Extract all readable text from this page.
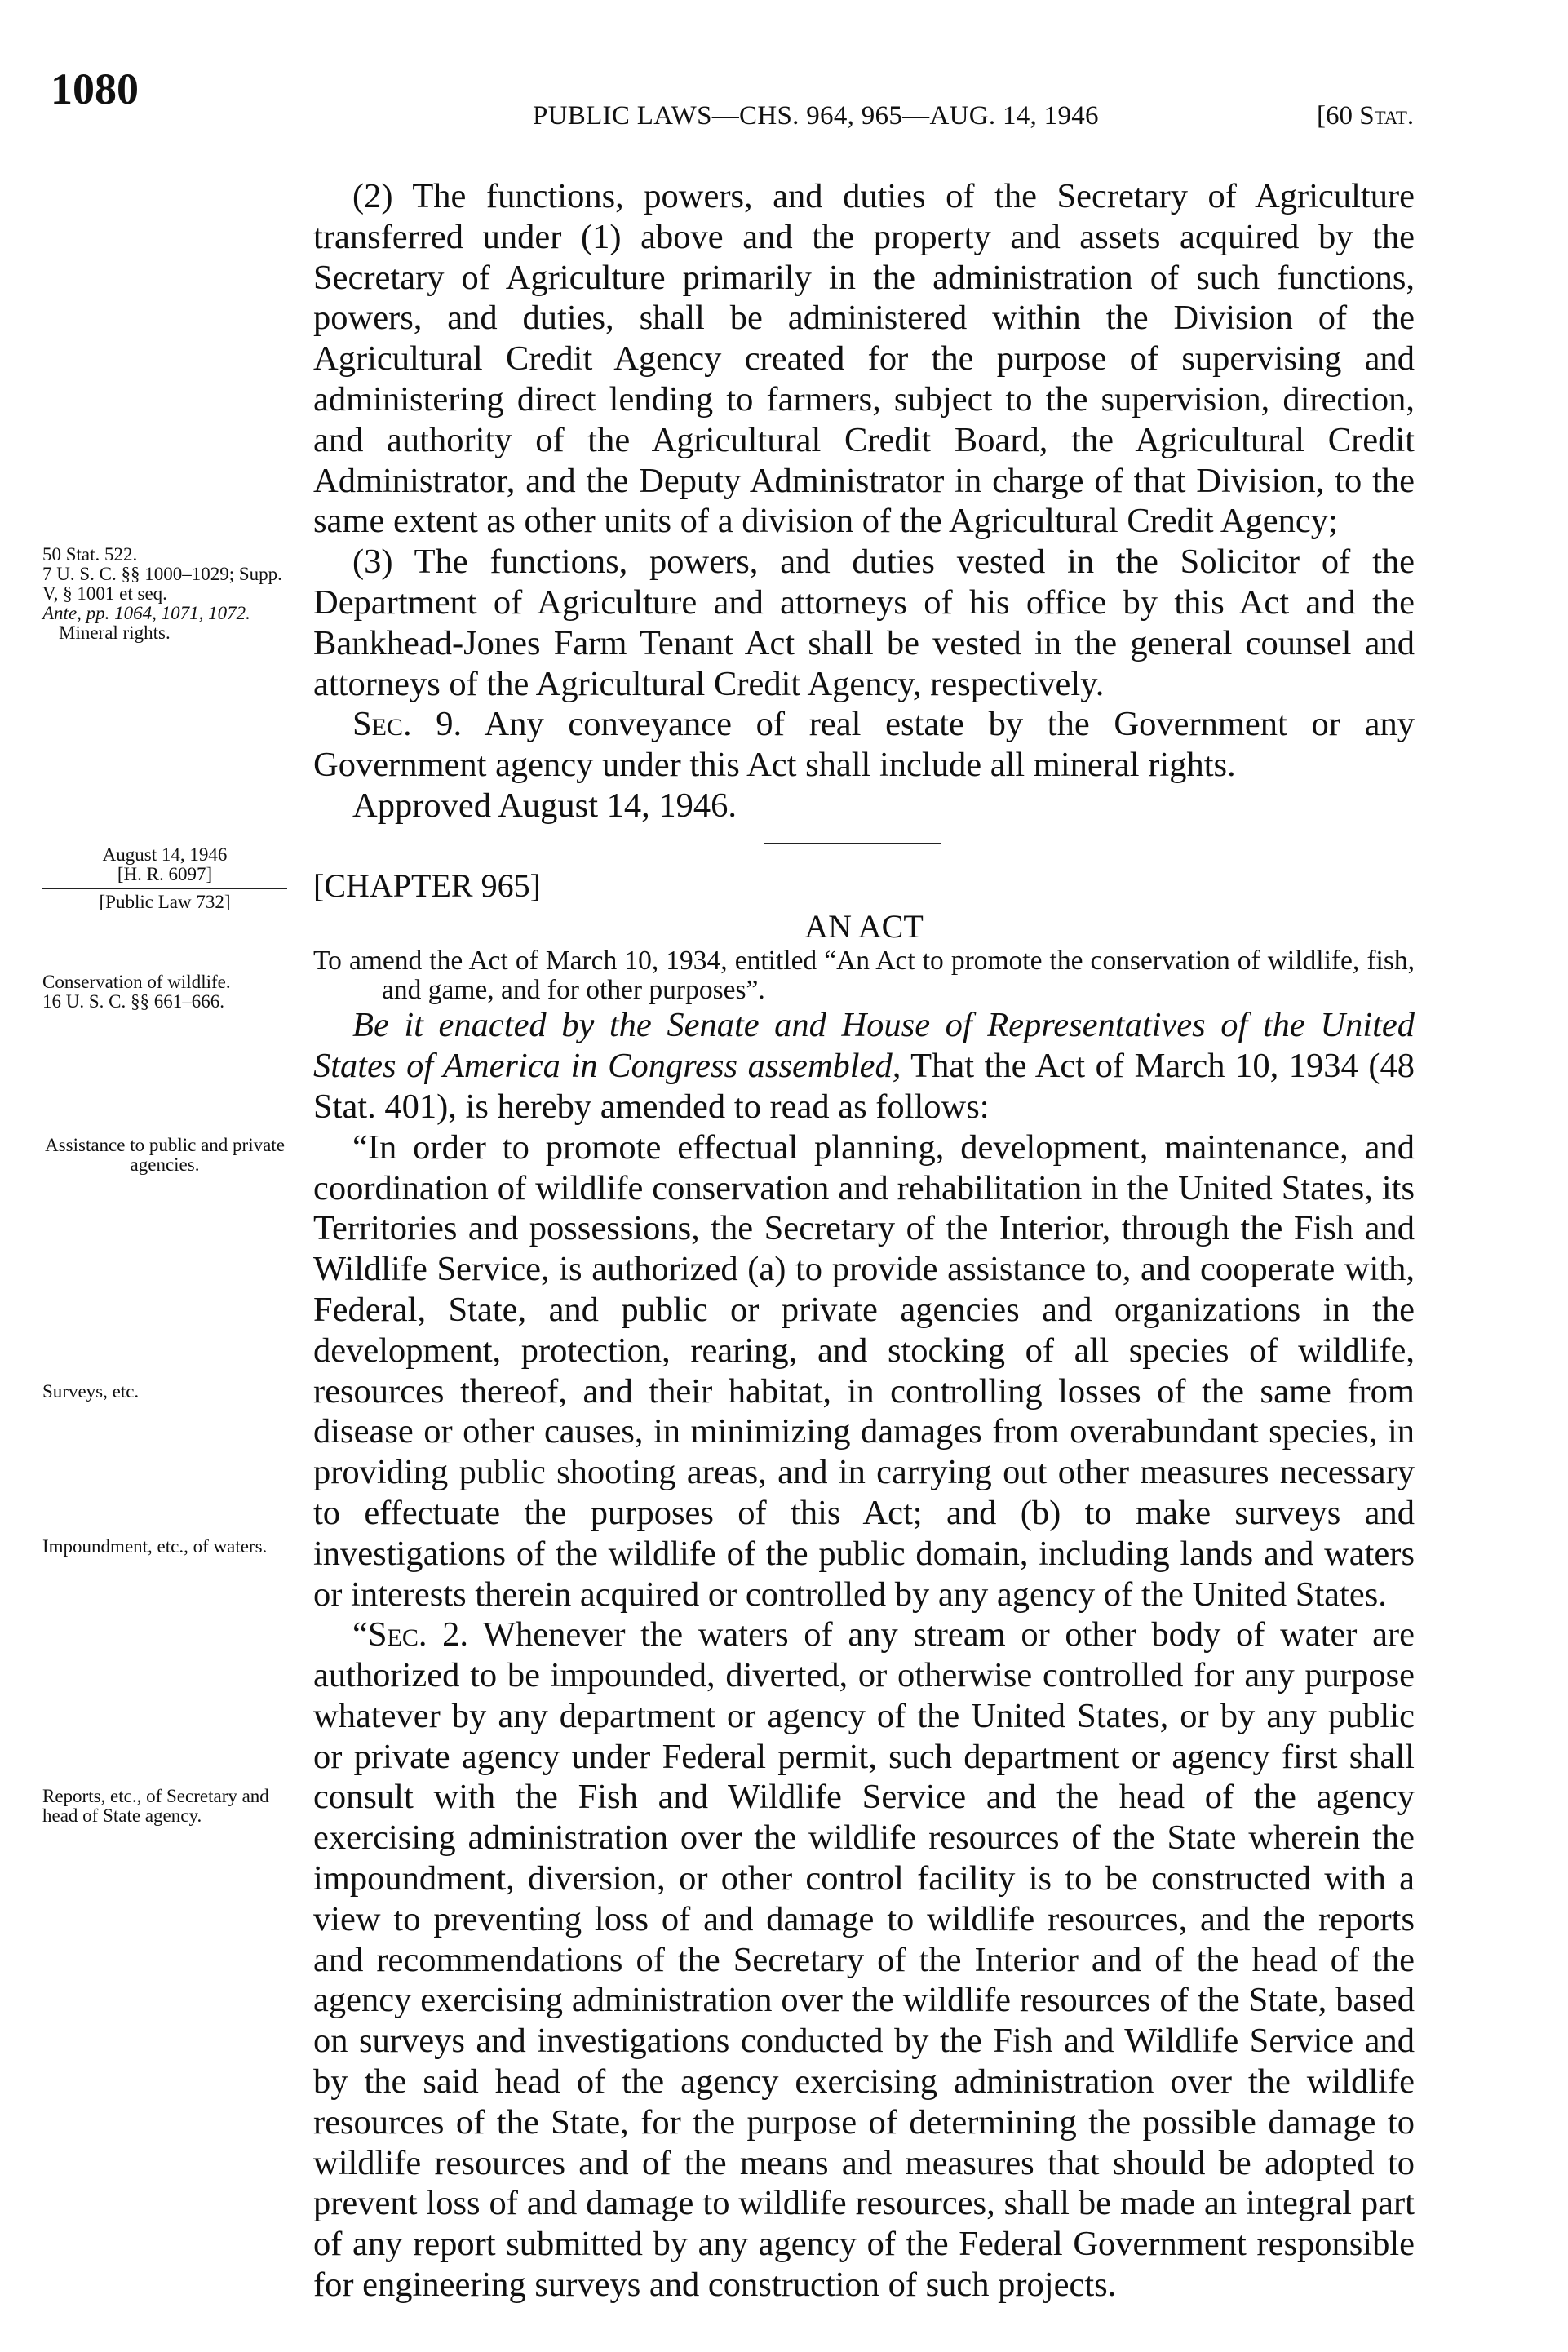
1080
PUBLIC LAWS—CHS. 964, 965—AUG. 14, 1946	[60 Stat.

(2) The functions, powers, and duties of the Secretary of Agriculture transferred under (1) above and the property and assets acquired by the Secretary of Agriculture primarily in the administration of such functions, powers, and duties, shall be administered within the Division of the Agricultural Credit Agency created for the purpose of supervising and administering direct lending to farmers, subject to the supervision, direction, and authority of the Agricultural Credit Board, the Agricultural Credit Administrator, and the Deputy Administrator in charge of that Division, to the same extent as other units of a division of the Agricultural Credit Agency;

(3) The functions, powers, and duties vested in the Solicitor of the Department of Agriculture and attorneys of his office by this Act and the Bankhead-Jones Farm Tenant Act shall be vested in the general counsel and attorneys of the Agricultural Credit Agency, respectively.

Sec. 9. Any conveyance of real estate by the Government or any Government agency under this Act shall include all mineral rights.

Approved August 14, 1946.

[CHAPTER 965]

AN ACT

To amend the Act of March 10, 1934, entitled “An Act to promote the conservation of wildlife, fish, and game, and for other purposes”.

Be it enacted by the Senate and House of Representatives of the United States of America in Congress assembled, That the Act of March 10, 1934 (48 Stat. 401), is hereby amended to read as follows:

“In order to promote effectual planning, development, maintenance, and coordination of wildlife conservation and rehabilitation in the United States, its Territories and possessions, the Secretary of the Interior, through the Fish and Wildlife Service, is authorized (a) to provide assistance to, and cooperate with, Federal, State, and public or private agencies and organizations in the development, protection, rearing, and stocking of all species of wildlife, resources thereof, and their habitat, in controlling losses of the same from disease or other causes, in minimizing damages from overabundant species, in providing public shooting areas, and in carrying out other measures necessary to effectuate the purposes of this Act; and (b) to make surveys and investigations of the wildlife of the public domain, including lands and waters or interests therein acquired or controlled by any agency of the United States.

“Sec. 2. Whenever the waters of any stream or other body of water are authorized to be impounded, diverted, or otherwise controlled for any purpose whatever by any department or agency of the United States, or by any public or private agency under Federal permit, such department or agency first shall consult with the Fish and Wildlife Service and the head of the agency exercising administration over the wildlife resources of the State wherein the impoundment, diversion, or other control facility is to be constructed with a view to preventing loss of and damage to wildlife resources, and the reports and recommendations of the Secretary of the Interior and of the head of the agency exercising administration over the wildlife resources of the State, based on surveys and investigations conducted by the Fish and Wildlife Service and by the said head of the agency exercising administration over the wildlife resources of the State, for the purpose of determining the possible damage to wildlife resources and of the means and measures that should be adopted to prevent loss of and damage to wildlife resources, shall be made an integral part of any report submitted by any agency of the Federal Government responsible for engineering surveys and construction of such projects.

50 Stat. 522.
7 U. S. C. §§ 1000–1029; Supp. V, § 1001 et seq.
Ante, pp. 1064, 1071, 1072.
Mineral rights.
August 14, 1946
[H. R. 6097]
[Public Law 732]
Conservation of wildlife.
16 U. S. C. §§ 661–666.
Assistance to public and private agencies.
Surveys, etc.
Impoundment, etc., of waters.
Reports, etc., of Secretary and head of State agency.
